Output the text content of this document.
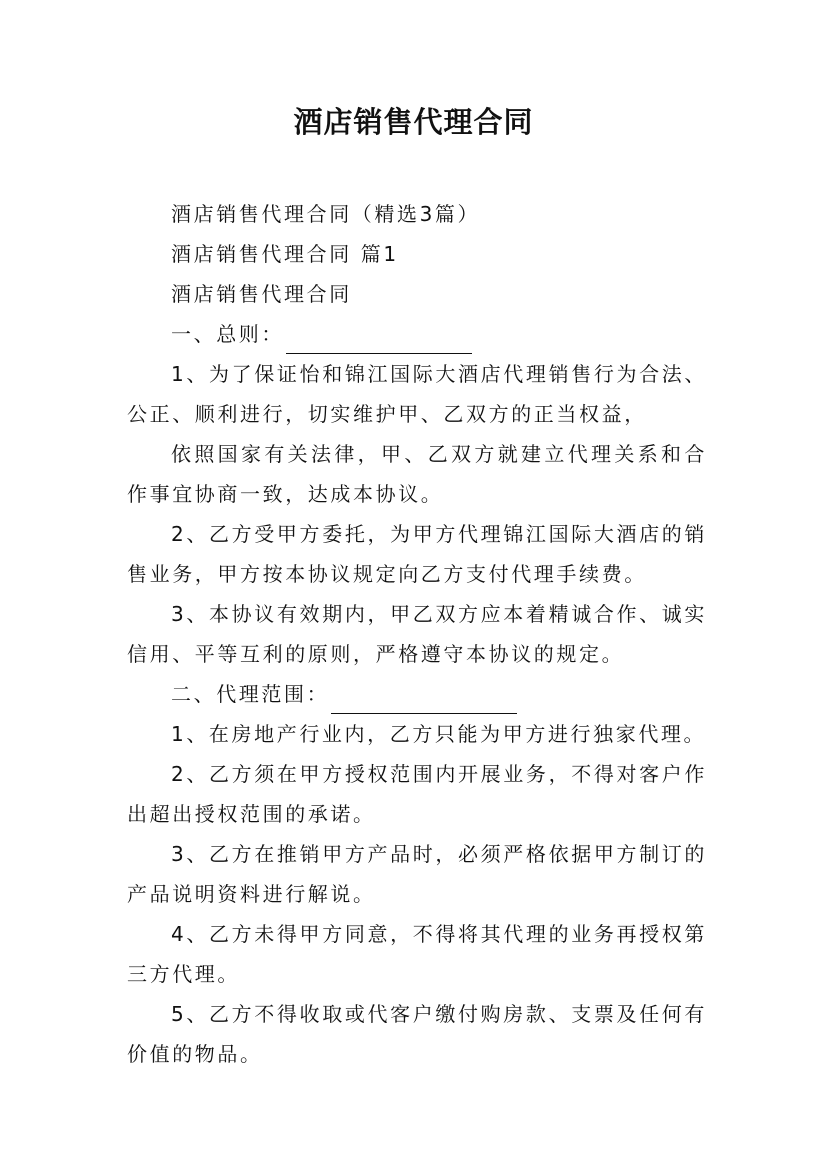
酒店销售代理合同

酒店销售代理合同（精选3篇）

酒店销售代理合同 篇1

酒店销售代理合同

一、总则：

1、为了保证怡和锦江国际大酒店代理销售行为合法、公正、顺利进行，切实维护甲、乙双方的正当权益，

依照国家有关法律，甲、乙双方就建立代理关系和合作事宜协商一致，达成本协议。

2、乙方受甲方委托，为甲方代理锦江国际大酒店的销售业务，甲方按本协议规定向乙方支付代理手续费。

3、本协议有效期内，甲乙双方应本着精诚合作、诚实信用、平等互利的原则，严格遵守本协议的规定。

二、代理范围：

1、在房地产行业内，乙方只能为甲方进行独家代理。

2、乙方须在甲方授权范围内开展业务，不得对客户作出超出授权范围的承诺。

3、乙方在推销甲方产品时，必须严格依据甲方制订的产品说明资料进行解说。

4、乙方未得甲方同意，不得将其代理的业务再授权第三方代理。

5、乙方不得收取或代客户缴付购房款、支票及任何有价值的物品。
